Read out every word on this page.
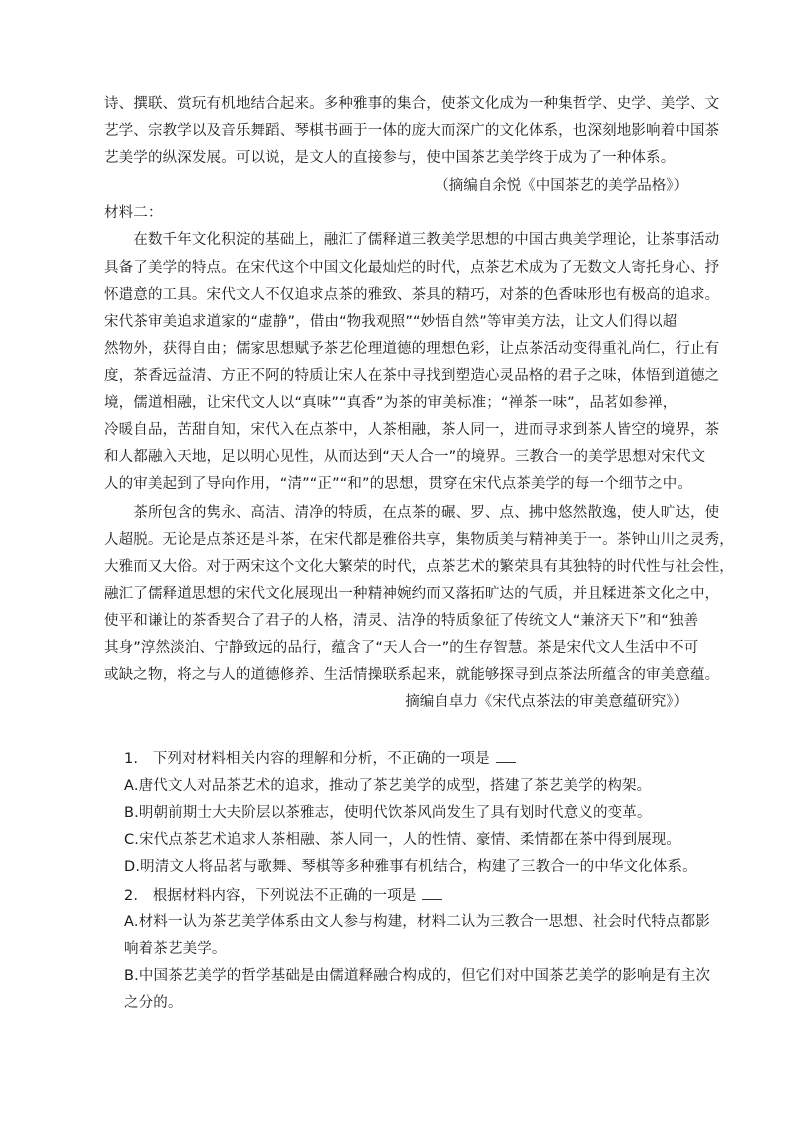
诗、撰联、赏玩有机地结合起来。多种雅事的集合，使茶文化成为一种集哲学、史学、美学、文
艺学、宗教学以及音乐舞蹈、琴棋书画于一体的庞大而深广的文化体系，也深刻地影响着中国茶
艺美学的纵深发展。可以说，是文人的直接参与，使中国茶艺美学终于成为了一种体系。
（摘编自余悦《中国茶艺的美学品格》）
材料二：
　　在数千年文化积淀的基础上，融汇了儒释道三教美学思想的中国古典美学理论，让茶事活动
具备了美学的特点。在宋代这个中国文化最灿烂的时代，点茶艺术成为了无数文人寄托身心、抒
怀遣意的工具。宋代文人不仅追求点茶的雅致、茶具的精巧，对茶的色香味形也有极高的追求。
宋代茶审美追求道家的“虚静”，借由“物我观照”“妙悟自然”等审美方法，让文人们得以超
然物外，获得自由；儒家思想赋予茶艺伦理道德的理想色彩，让点茶活动变得重礼尚仁，行止有
度，茶香远益清、方正不阿的特质让宋人在茶中寻找到塑造心灵品格的君子之味，体悟到道德之
境，儒道相融，让宋代文人以“真味”“真香”为茶的审美标准；“禅茶一味”，品茗如参禅，
冷暖自品，苦甜自知，宋代入在点茶中，人茶相融，茶人同一，进而寻求到茶人皆空的境界，茶
和人都融入天地，足以明心见性，从而达到“天人合一”的境界。三教合一的美学思想对宋代文
人的审美起到了导向作用，“清”“正”“和”的思想，贯穿在宋代点茶美学的每一个细节之中。
　　茶所包含的隽永、高洁、清净的特质，在点茶的碾、罗、点、拂中悠然散逸，使人旷达，使
人超脱。无论是点茶还是斗茶，在宋代都是雅俗共享，集物质美与精神美于一。茶钟山川之灵秀，
大雅而又大俗。对于两宋这个文化大繁荣的时代，点茶艺术的繁荣具有其独特的时代性与社会性，
融汇了儒释道思想的宋代文化展现出一种精神婉约而又落拓旷达的气质，并且糅进茶文化之中，
使平和谦让的茶香契合了君子的人格，清灵、洁净的特质象征了传统文人“兼济天下”和“独善
其身”淳然淡泊、宁静致远的品行，蕴含了“天人合一”的生存智慧。茶是宋代文人生活中不可
或缺之物，将之与人的道德修养、生活情操联系起来，就能够探寻到点茶法所蕴含的审美意蕴。
摘编自卓力《宋代点茶法的审美意蕴研究》）
1.　下列对材料相关内容的理解和分析，不正确的一项是
A.唐代文人对品茶艺术的追求，推动了茶艺美学的成型，搭建了茶艺美学的构架。
B.明朝前期士大夫阶层以茶雅志，使明代饮茶风尚发生了具有划时代意义的变革。
C.宋代点茶艺术追求人茶相融、茶人同一，人的性情、豪情、柔情都在茶中得到展现。
D.明清文人将品茗与歌舞、琴棋等多种雅事有机结合，构建了三教合一的中华文化体系。
2.　根据材料内容，下列说法不正确的一项是
A.材料一认为茶艺美学体系由文人参与构建，材料二认为三教合一思想、社会时代特点都影
响着茶艺美学。
B.中国茶艺美学的哲学基础是由儒道释融合构成的，但它们对中国茶艺美学的影响是有主次
之分的。
